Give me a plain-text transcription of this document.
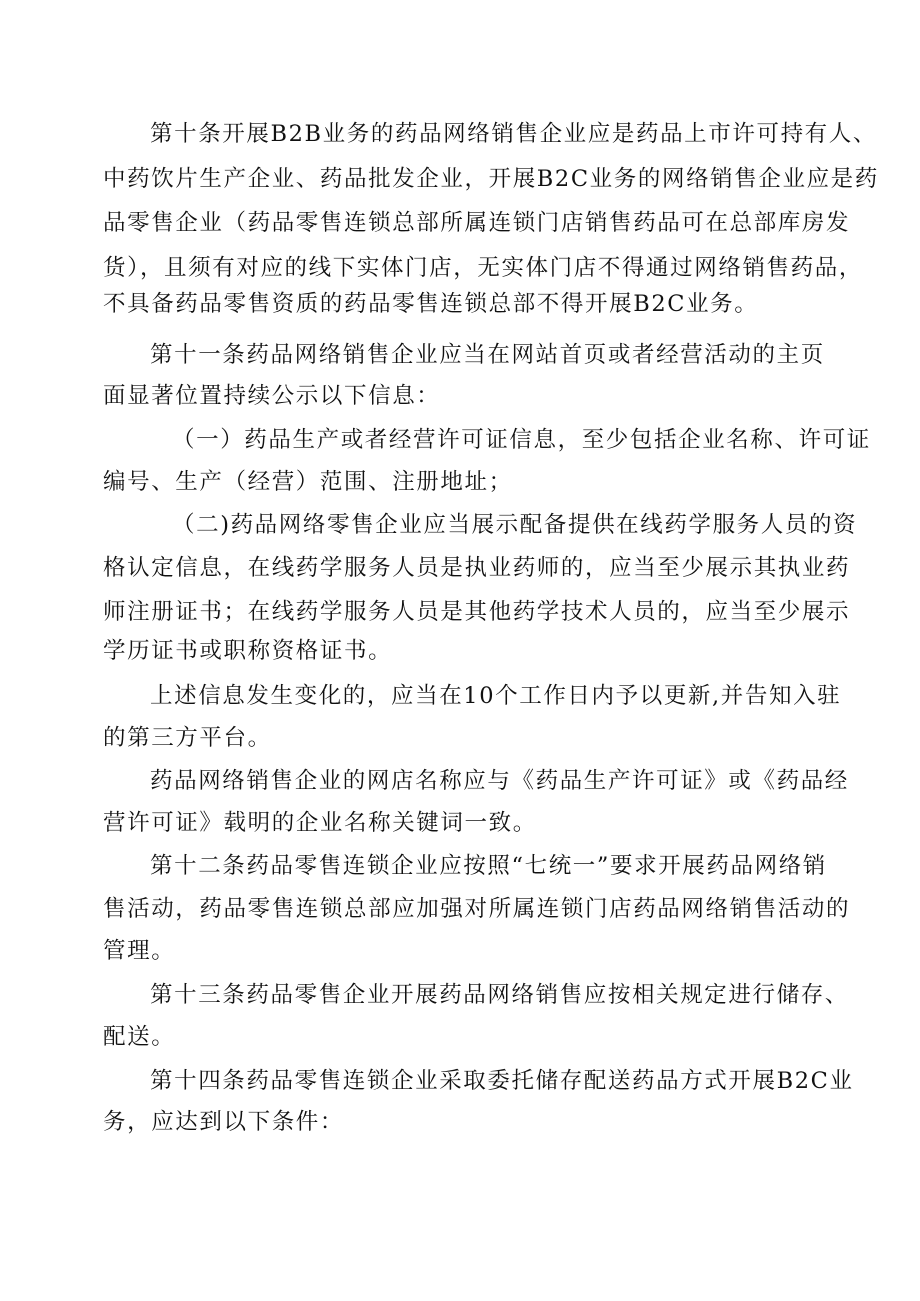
第十条开展B2B业务的药品网络销售企业应是药品上市许可持有人、
中药饮片生产企业、药品批发企业，开展B2C业务的网络销售企业应是药
品零售企业（药品零售连锁总部所属连锁门店销售药品可在总部库房发
货），且须有对应的线下实体门店，无实体门店不得通过网络销售药品，
不具备药品零售资质的药品零售连锁总部不得开展B2C业务。
第十一条药品网络销售企业应当在网站首页或者经营活动的主页
面显著位置持续公示以下信息：
（一）药品生产或者经营许可证信息，至少包括企业名称、许可证
编号、生产（经营）范围、注册地址；
（二)药品网络零售企业应当展示配备提供在线药学服务人员的资
格认定信息，在线药学服务人员是执业药师的，应当至少展示其执业药
师注册证书；在线药学服务人员是其他药学技术人员的，应当至少展示
学历证书或职称资格证书。
上述信息发生变化的，应当在10个工作日内予以更新,并告知入驻
的第三方平台。
药品网络销售企业的网店名称应与《药品生产许可证》或《药品经
营许可证》载明的企业名称关键词一致。
第十二条药品零售连锁企业应按照“七统一”要求开展药品网络销
售活动，药品零售连锁总部应加强对所属连锁门店药品网络销售活动的
管理。
第十三条药品零售企业开展药品网络销售应按相关规定进行储存、
配送。
第十四条药品零售连锁企业采取委托储存配送药品方式开展B2C业
务，应达到以下条件：
